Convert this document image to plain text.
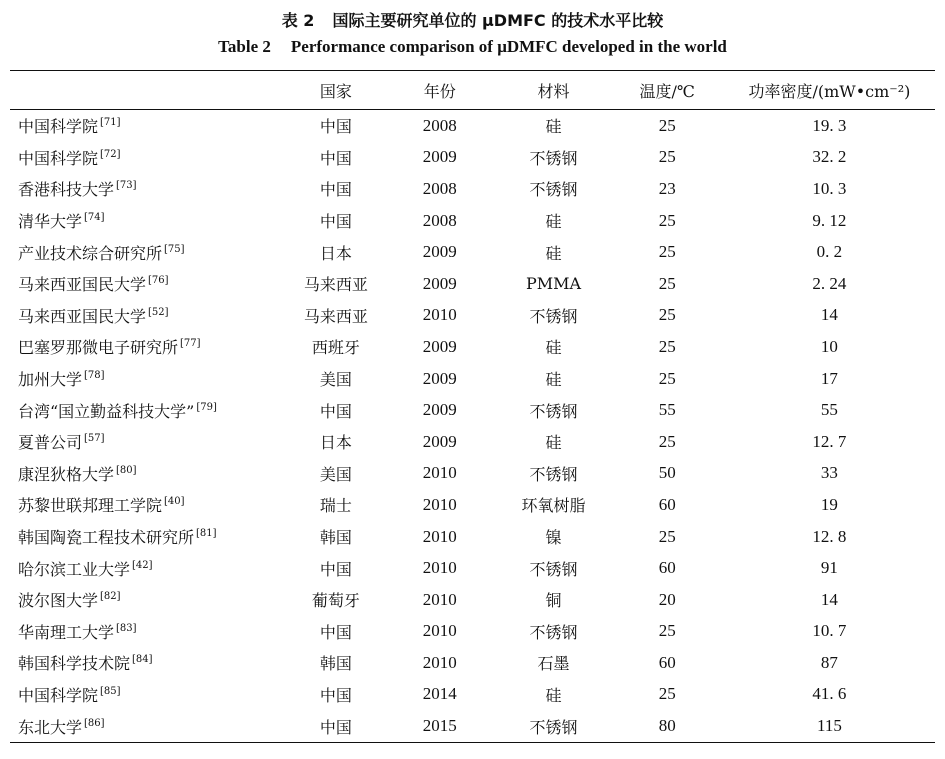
表 2 国际主要研究单位的 μDMFC 的技术水平比较
Table 2 Performance comparison of μDMFC developed in the world
	国家	年份	材料	温度/℃	功率密度/(mW•cm⁻²)
中国科学院 [71]	中国	2008	硅	25	19. 3
中国科学院 [72]	中国	2009	不锈钢	25	32. 2
香港科技大学 [73]	中国	2008	不锈钢	23	10. 3
清华大学 [74]	中国	2008	硅	25	9. 12
产业技术综合研究所 [75]	日本	2009	硅	25	0. 2
马来西亚国民大学 [76]	马来西亚	2009	PMMA	25	2. 24
马来西亚国民大学 [52]	马来西亚	2010	不锈钢	25	14
巴塞罗那微电子研究所 [77]	西班牙	2009	硅	25	10
加州大学 [78]	美国	2009	硅	25	17
台湾“国立勤益科技大学” [79]	中国	2009	不锈钢	55	55
夏普公司 [57]	日本	2009	硅	25	12. 7
康涅狄格大学 [80]	美国	2010	不锈钢	50	33
苏黎世联邦理工学院 [40]	瑞士	2010	环氧树脂	60	19
韩国陶瓷工程技术研究所 [81]	韩国	2010	镍	25	12. 8
哈尔滨工业大学 [42]	中国	2010	不锈钢	60	91
波尔图大学 [82]	葡萄牙	2010	铜	20	14
华南理工大学 [83]	中国	2010	不锈钢	25	10. 7
韩国科学技术院 [84]	韩国	2010	石墨	60	87
中国科学院 [85]	中国	2014	硅	25	41. 6
东北大学 [86]	中国	2015	不锈钢	80	115
